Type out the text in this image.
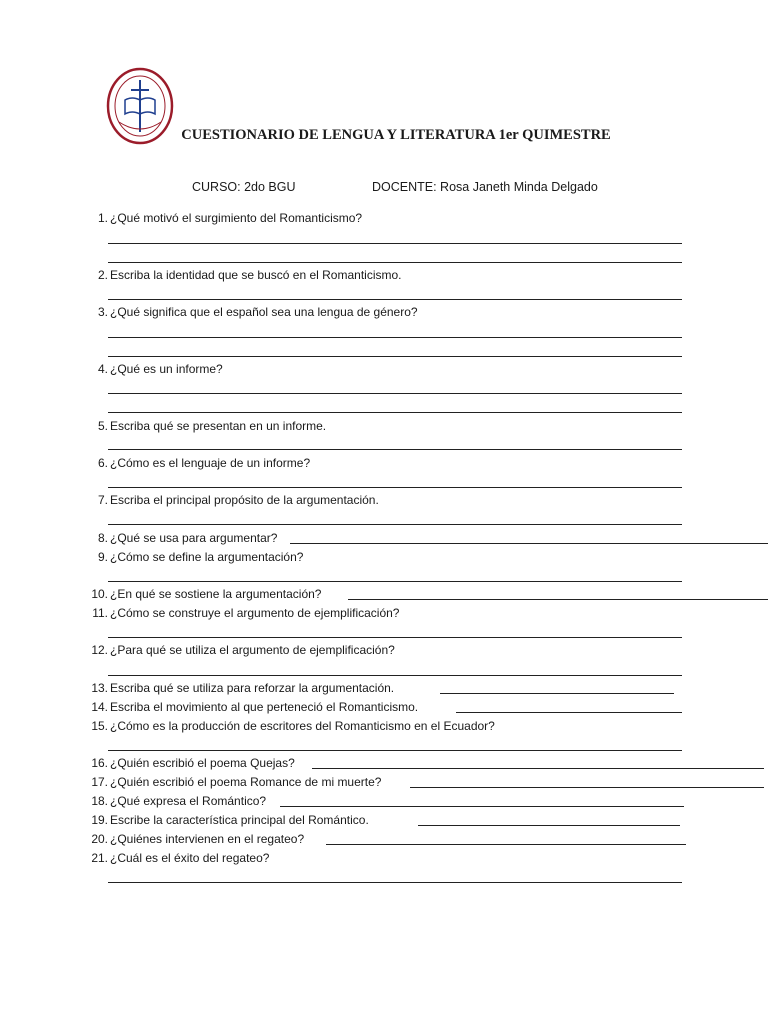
CUESTIONARIO DE LENGUA Y LITERATURA 1er QUIMESTRE
CURSO: 2do BGU	DOCENTE: Rosa Janeth Minda Delgado
1. ¿Qué motivó el surgimiento del Romanticismo?
2. Escriba la identidad que se buscó en el Romanticismo.
3. ¿Qué significa que el español sea una lengua de género?
4. ¿Qué es un informe?
5. Escriba qué se presentan en un informe.
6. ¿Cómo es el lenguaje de un informe?
7. Escriba el principal propósito de la argumentación.
8. ¿Qué se usa para argumentar?
9. ¿Cómo se define la argumentación?
10. ¿En qué se sostiene la argumentación?
11. ¿Cómo se construye el argumento de ejemplificación?
12. ¿Para qué se utiliza el argumento de ejemplificación?
13. Escriba qué se utiliza para reforzar la argumentación.
14. Escriba el movimiento al que perteneció el Romanticismo.
15. ¿Cómo es la producción de escritores del Romanticismo en el Ecuador?
16. ¿Quién escribió el poema Quejas?
17. ¿Quién escribió el poema Romance de mi muerte?
18. ¿Qué expresa el Romántico?
19. Escribe la característica principal del Romántico.
20. ¿Quiénes intervienen en el regateo?
21. ¿Cuál es el éxito del regateo?
